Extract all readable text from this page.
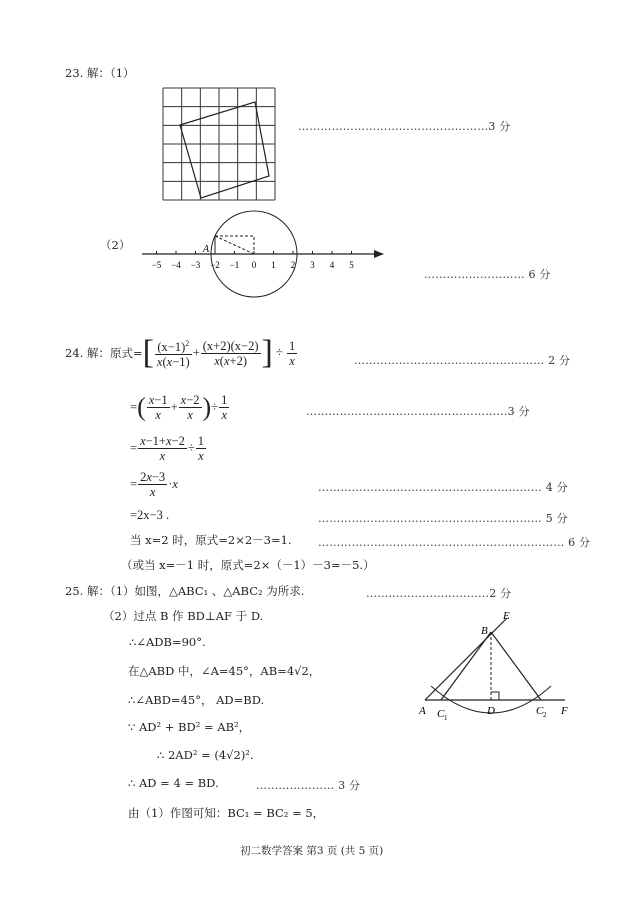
23. 解：（1）
……………………………………………3 分
（2）
−5 −4 −3 −2 −1 0 1 2 3 4 5
A
……………………… 6 分
24. 解：原式=[ $\frac{(x-1)^2}{x(x-1)} + \frac{(x+2)(x-2)}{x(x+2)}$ ] ÷ $\frac{1}{x}$	…………………………………………… 2 分
=( $\frac{x-1}{x} + \frac{x-2}{x}$ )÷ $\frac{1}{x}$	………………………………………………3 分
= $\frac{x-1+x-2}{x} \div \frac{1}{x}$
= $\frac{2x-3}{x} \cdot x$	…………………………………………………… 4 分
=2x−3 .	…………………………………………………… 5 分
当 x=2 时，原式=2×2－3=1. ………………………………………………………… 6 分
（或当 x=－1 时，原式=2×（－1）－3=－5.）
25. 解：（1）如图，△ABC₁ 、△ABC₂ 为所求.	……………………………2 分
（2）过点 B 作 BD⊥AF 于 D.
∴∠ADB=90°.
在△ABD 中，∠A=45°，AB=4√2，
∴∠ABD=45°， AD=BD.
∵ AD² + BD² = AB²，
∴ 2AD² = (4√2)².
∴ AD = 4 = BD.	………………… 3 分
由（1）作图可知：BC₁ = BC₂ = 5，
E
B
A C 1
D	C 2 F
初二数学答案 第3 页 (共 5 页)
